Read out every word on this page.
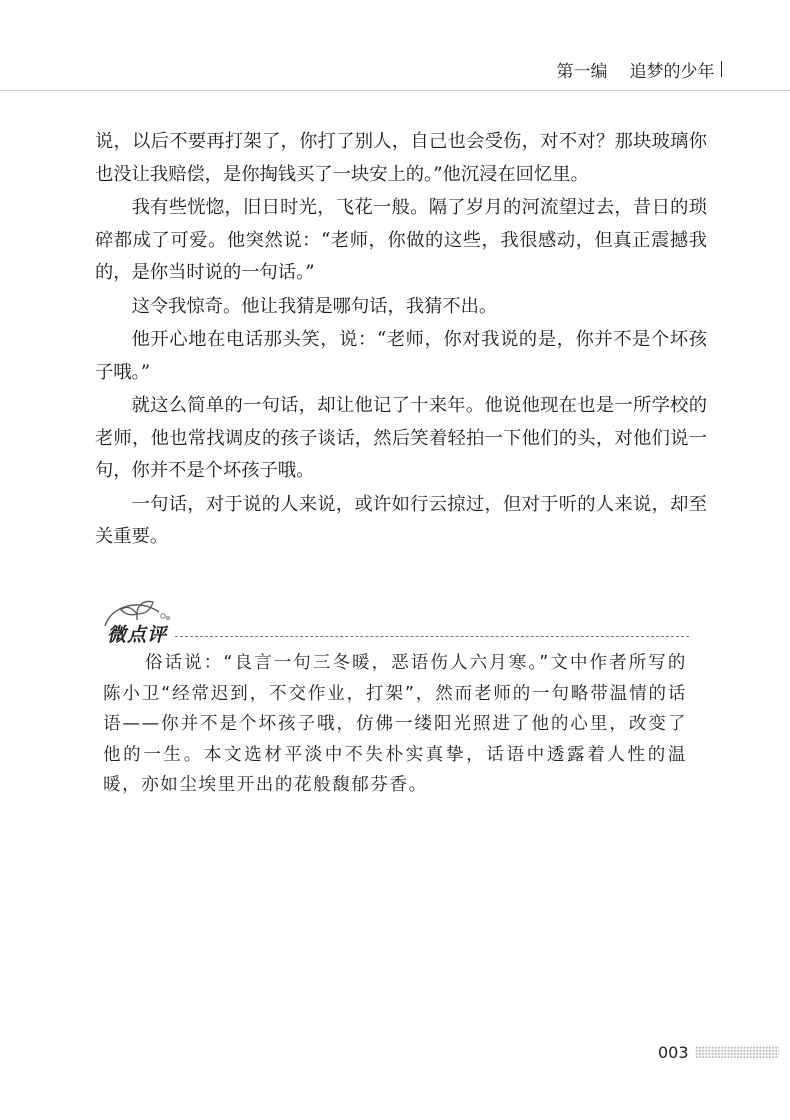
第一编 追梦的少年

说，以后不要再打架了，你打了别人，自己也会受伤，对不对？那块玻璃你也没让我赔偿，是你掏钱买了一块安上的。”他沉浸在回忆里。

我有些恍惚，旧日时光，飞花一般。隔了岁月的河流望过去，昔日的琐碎都成了可爱。他突然说：“老师，你做的这些，我很感动，但真正震撼我的，是你当时说的一句话。”

这令我惊奇。他让我猜是哪句话，我猜不出。

他开心地在电话那头笑，说：“老师，你对我说的是，你并不是个坏孩子哦。”

就这么简单的一句话，却让他记了十来年。他说他现在也是一所学校的老师，他也常找调皮的孩子谈话，然后笑着轻拍一下他们的头，对他们说一句，你并不是个坏孩子哦。

一句话，对于说的人来说，或许如行云掠过，但对于听的人来说，却至关重要。

微点评

俗话说：“良言一句三冬暖，恶语伤人六月寒。”文中作者所写的陈小卫“经常迟到，不交作业，打架”，然而老师的一句略带温情的话语——你并不是个坏孩子哦，仿佛一缕阳光照进了他的心里，改变了他的一生。本文选材平淡中不失朴实真挚，话语中透露着人性的温暖，亦如尘埃里开出的花般馥郁芬香。

003
